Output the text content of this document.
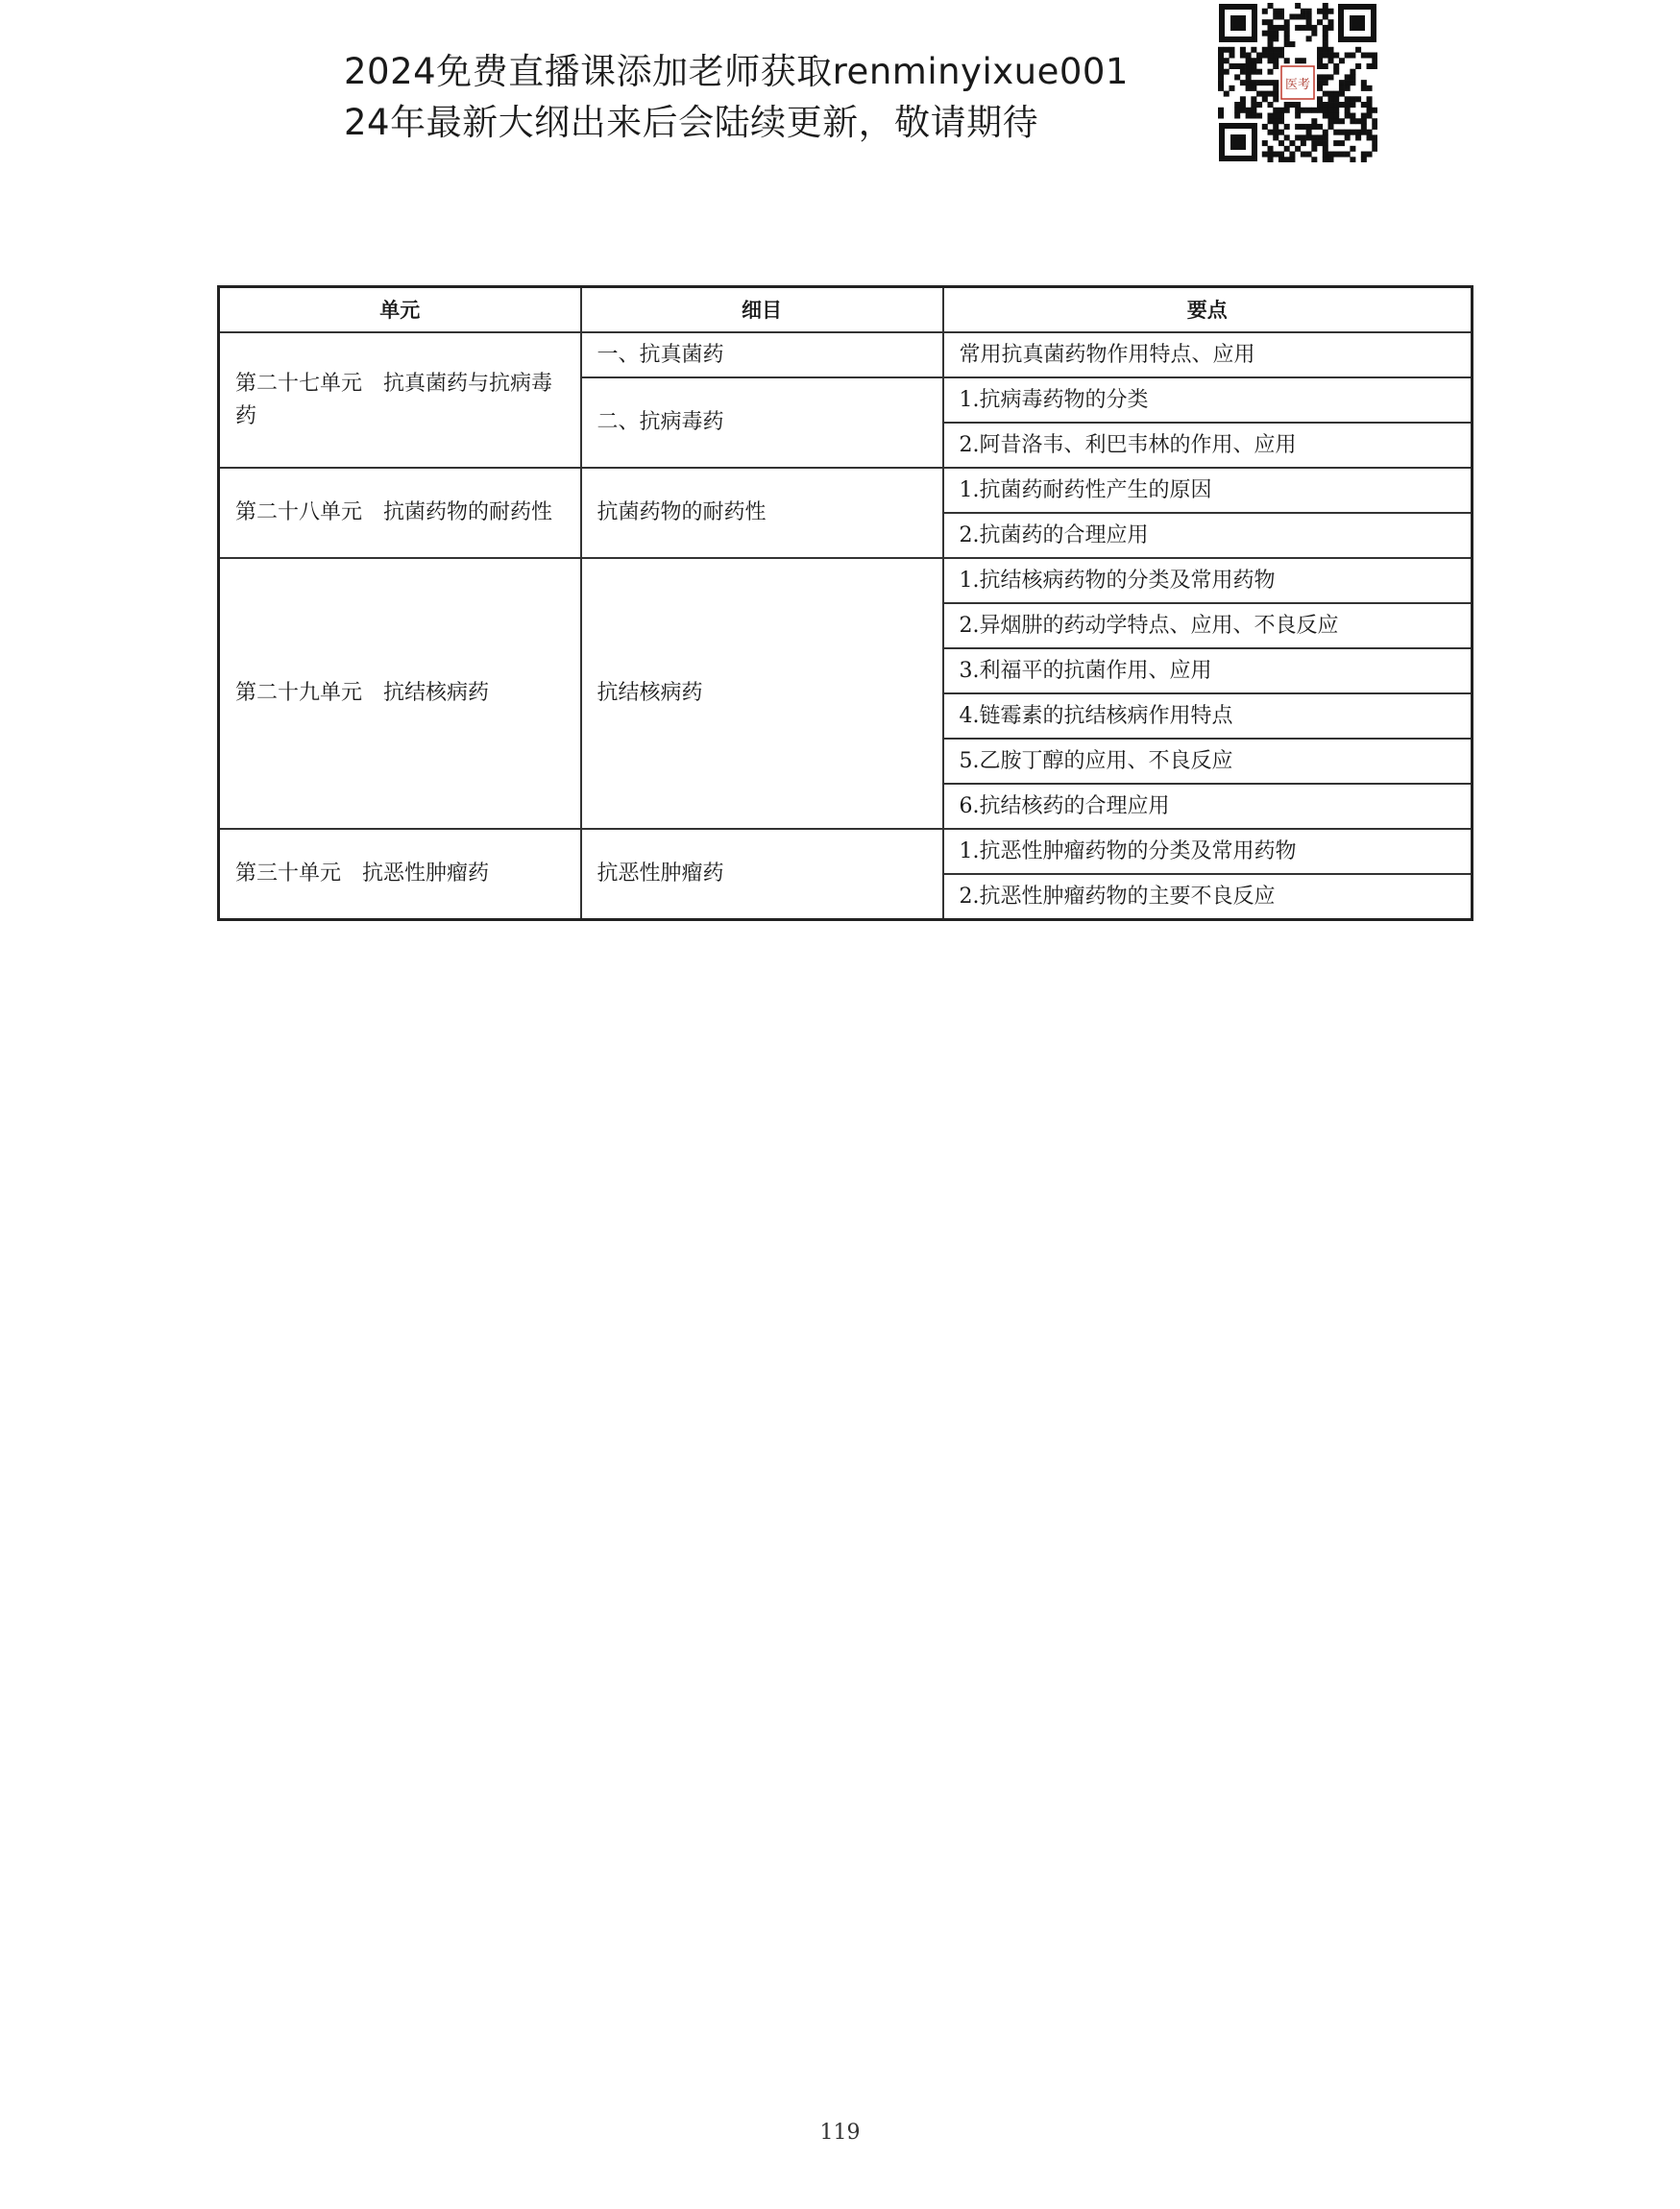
2024免费直播课添加老师获取renminyixue001
24年最新大纲出来后会陆续更新，敬请期待
医考
单元	细目	要点
第二十七单元　抗真菌药与抗病毒药	一、抗真菌药	常用抗真菌药物作用特点、应用
	二、抗病毒药	1.抗病毒药物的分类
		2.阿昔洛韦、利巴韦林的作用、应用
第二十八单元　抗菌药物的耐药性	抗菌药物的耐药性	1.抗菌药耐药性产生的原因
		2.抗菌药的合理应用
第二十九单元　抗结核病药	抗结核病药	1.抗结核病药物的分类及常用药物
		2.异烟肼的药动学特点、应用、不良反应
		3.利福平的抗菌作用、应用
		4.链霉素的抗结核病作用特点
		5.乙胺丁醇的应用、不良反应
		6.抗结核药的合理应用
第三十单元　抗恶性肿瘤药	抗恶性肿瘤药	1.抗恶性肿瘤药物的分类及常用药物
		2.抗恶性肿瘤药物的主要不良反应
119
